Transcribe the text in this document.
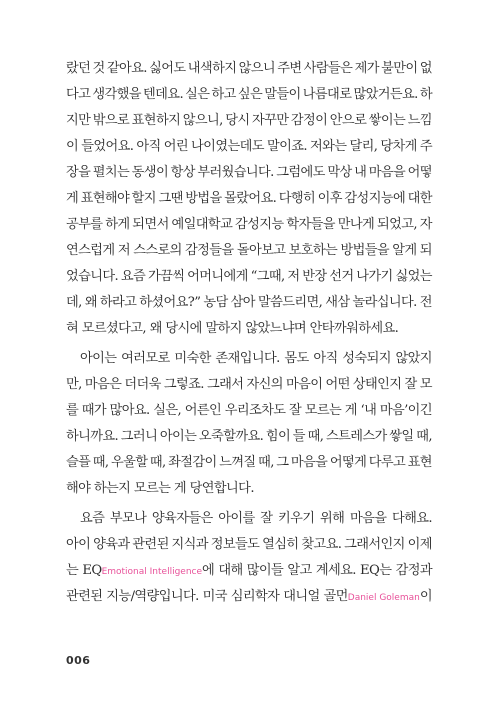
랐던 것 같아요. 싫어도 내색하지 않으니 주변 사람들은 제가 불만이 없
다고 생각했을 텐데요. 실은 하고 싶은 말들이 나름대로 많았거든요. 하
지만 밖으로 표현하지 않으니, 당시 자꾸만 감정이 안으로 쌓이는 느낌
이 들었어요. 아직 어린 나이였는데도 말이죠. 저와는 달리, 당차게 주
장을 펼치는 동생이 항상 부러웠습니다. 그럼에도 막상 내 마음을 어떻
게 표현해야 할지 그땐 방법을 몰랐어요. 다행히 이후 감성지능에 대한
공부를 하게 되면서 예일대학교 감성지능 학자들을 만나게 되었고, 자
연스럽게 저 스스로의 감정들을 돌아보고 보호하는 방법들을 알게 되
었습니다. 요즘 가끔씩 어머니에게 “그때, 저 반장 선거 나가기 싫었는
데, 왜 하라고 하셨어요?” 농담 삼아 말씀드리면, 새삼 놀라십니다. 전
혀 모르셨다고, 왜 당시에 말하지 않았느냐며 안타까워하세요.
아이는 여러모로 미숙한 존재입니다. 몸도 아직 성숙되지 않았지
만, 마음은 더더욱 그렇죠. 그래서 자신의 마음이 어떤 상태인지 잘 모
를 때가 많아요. 실은, 어른인 우리조차도 잘 모르는 게 ‘내 마음’이긴
하니까요. 그러니 아이는 오죽할까요. 힘이 들 때, 스트레스가 쌓일 때,
슬플 때, 우울할 때, 좌절감이 느껴질 때, 그 마음을 어떻게 다루고 표현
해야 하는지 모르는 게 당연합니다.
요즘 부모나 양육자들은 아이를 잘 키우기 위해 마음을 다해요.
아이 양육과 관련된 지식과 정보들도 열심히 찾고요. 그래서인지 이제
는 EQEmotional Intelligence에 대해 많이들 알고 계세요. EQ는 감정과
관련된 지능/역량입니다. 미국 심리학자 대니얼 골먼Daniel Goleman이
006
